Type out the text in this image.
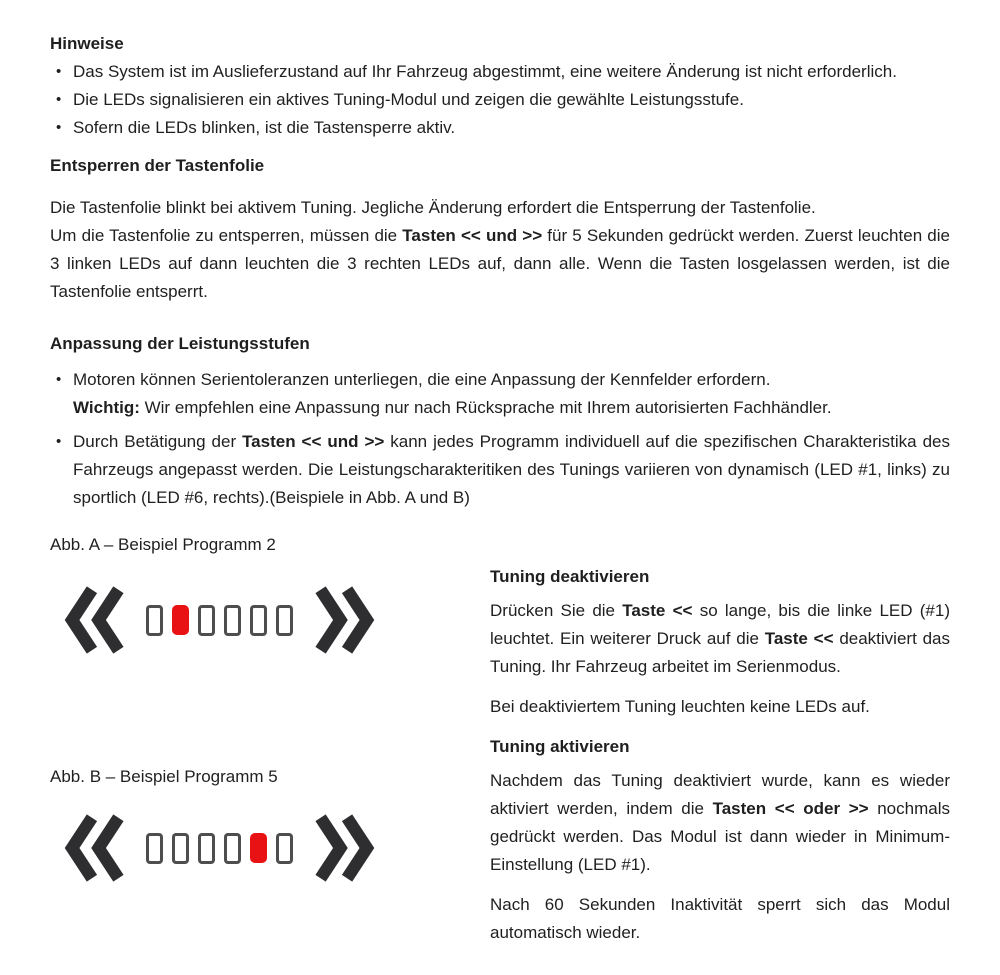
Hinweise
• Das System ist im Auslieferzustand auf Ihr Fahrzeug abgestimmt, eine weitere Änderung ist nicht erforderlich.
• Die LEDs signalisieren ein aktives Tuning-Modul und zeigen die gewählte Leistungsstufe.
• Sofern die LEDs blinken, ist die Tastensperre aktiv.
Entsperren der Tastenfolie

Die Tastenfolie blinkt bei aktivem Tuning. Jegliche Änderung erfordert die Entsperrung der Tastenfolie.
Um die Tastenfolie zu entsperren, müssen die Tasten << und >> für 5 Sekunden gedrückt werden. Zuerst leuchten die 3 linken LEDs auf dann leuchten die 3 rechten LEDs auf, dann alle. Wenn die Tasten losgelassen werden, ist die Tastenfolie entsperrt.

Anpassung der Leistungsstufen
• Motoren können Serientoleranzen unterliegen, die eine Anpassung der Kennfelder erfordern.
Wichtig: Wir empfehlen eine Anpassung nur nach Rücksprache mit Ihrem autorisierten Fachhändler.
• Durch Betätigung der Tasten << und >> kann jedes Programm individuell auf die spezifischen Charakteristika des Fahrzeugs angepasst werden. Die Leistungscharakteritiken des Tunings variieren von dynamisch (LED #1, links) zu sportlich (LED #6, rechts).(Beispiele in Abb. A und B)
Abb. A – Beispiel Programm 2
Abb. B – Beispiel Programm 5
Tuning deaktivieren

Drücken Sie die Taste << so lange, bis die linke LED (#1) leuchtet. Ein weiterer Druck auf die Taste << deaktiviert das Tuning. Ihr Fahrzeug arbeitet im Serienmodus.

Bei deaktiviertem Tuning leuchten keine LEDs auf.

Tuning aktivieren

Nachdem das Tuning deaktiviert wurde, kann es wieder aktiviert werden, indem die Tasten << oder >> nochmals gedrückt werden. Das Modul ist dann wieder in Minimum-Einstellung (LED #1).

Nach 60 Sekunden Inaktivität sperrt sich das Modul automatisch wieder.
